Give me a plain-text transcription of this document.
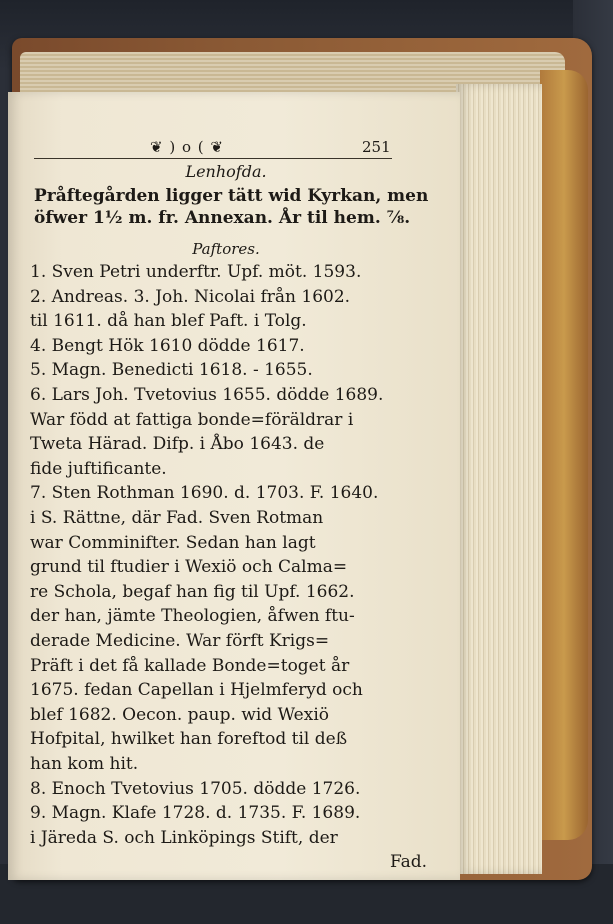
❦ ) o ( ❦	251
Lenhofda.
Pråftegården ligger tätt wid Kyrkan, men
öfwer 1½ m. fr. Annexan. År til hem. ⅞.
Paftores.
1. Sven Petri underftr. Upf. möt. 1593.
2. Andreas. 3. Joh. Nicolai från 1602.
til 1611. då han blef Paft. i Tolg.
4. Bengt Hök 1610 dödde 1617.
5. Magn. Benedicti 1618. - 1655.
6. Lars Joh. Tvetovius 1655. dödde 1689.
War född at fattiga bonde=föräldrar i
Tweta Härad. Difp. i Åbo 1643. de
fide juftificante.
7. Sten Rothman 1690. d. 1703. F. 1640.
i S. Rättne, där Fad. Sven Rotman
war Comminifter. Sedan han lagt
grund til ftudier i Wexiö och Calma=
re Schola, begaf han fig til Upf. 1662.
der han, jämte Theologien, åfwen ftu-
derade Medicine. War förft Krigs=
Präft i det få kallade Bonde=toget år
1675. fedan Capellan i Hjelmferyd och
blef 1682. Oecon. paup. wid Wexiö
Hofpital, hwilket han foreftod til deß
han kom hit.
8. Enoch Tvetovius 1705. dödde 1726.
9. Magn. Klafe 1728. d. 1735. F. 1689.
i Järeda S. och Linköpings Stift, der
Fad.
